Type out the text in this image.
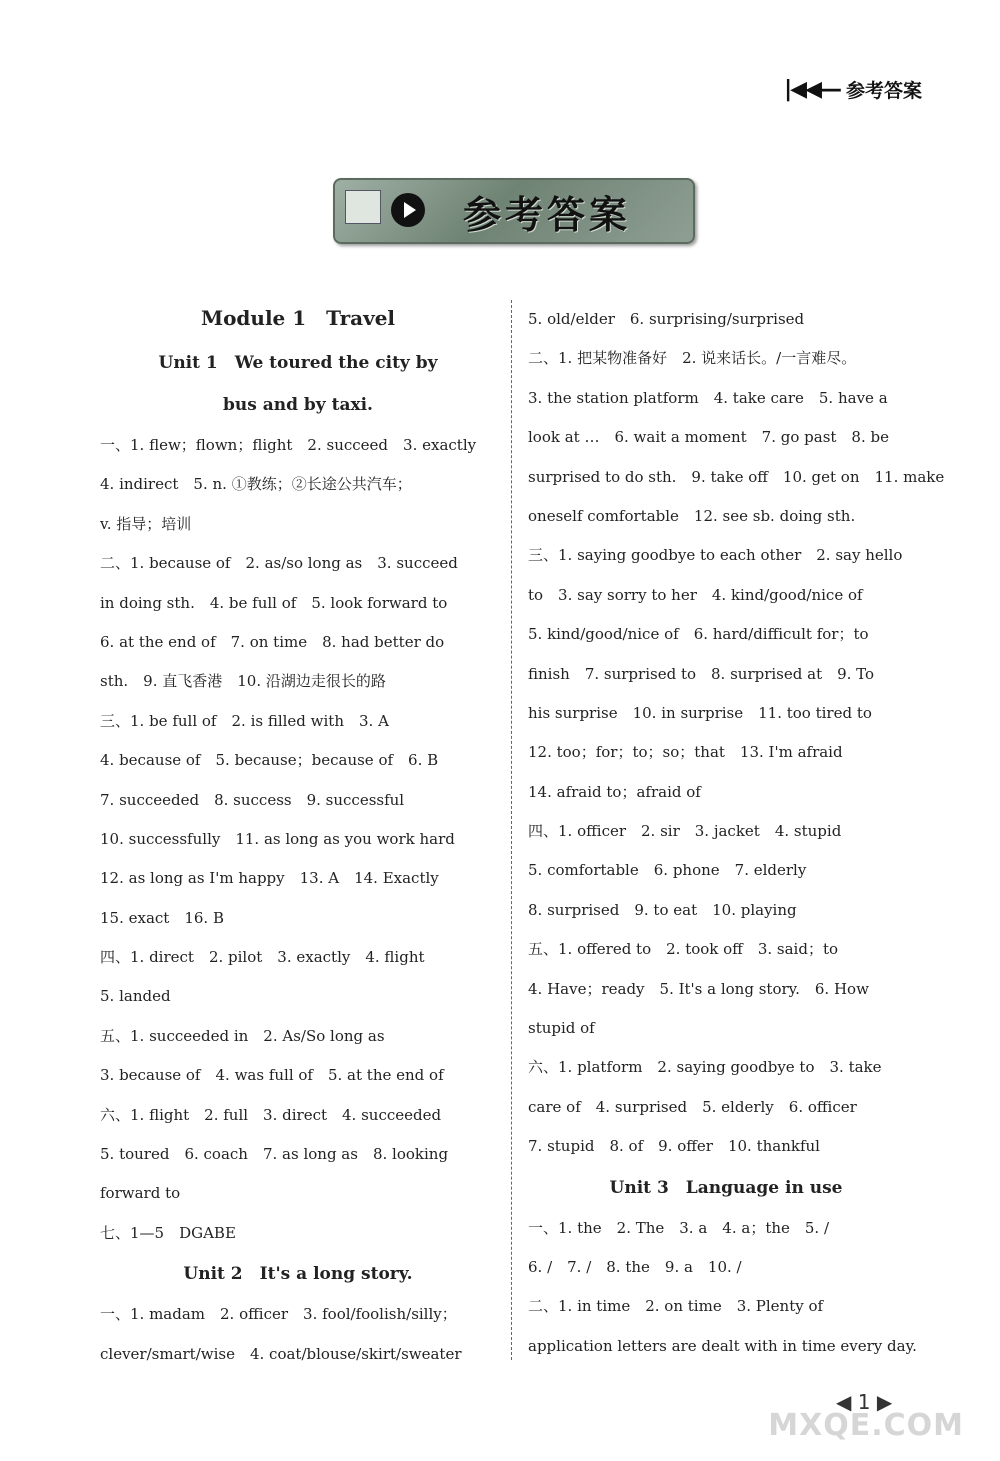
|◀◀— 参考答案
参考答案
Module 1　Travel
Unit 1　We toured the city by
bus and by taxi.
一、1. flew；flown；flight　2. succeed　3. exactly
4. indirect　5. n. ①教练；②长途公共汽车；
v. 指导；培训
二、1. because of　2. as/so long as　3. succeed
in doing sth.　4. be full of　5. look forward to
6. at the end of　7. on time　8. had better do
sth.　9. 直飞香港　10. 沿湖边走很长的路
三、1. be full of　2. is filled with　3. A
4. because of　5. because；because of　6. B
7. succeeded　8. success　9. successful
10. successfully　11. as long as you work hard
12. as long as I'm happy　13. A　14. Exactly
15. exact　16. B
四、1. direct　2. pilot　3. exactly　4. flight
5. landed
五、1. succeeded in　2. As/So long as
3. because of　4. was full of　5. at the end of
六、1. flight　2. full　3. direct　4. succeeded
5. toured　6. coach　7. as long as　8. looking
forward to
七、1—5　DGABE
Unit 2　It's a long story.
一、1. madam　2. officer　3. fool/foolish/silly；
clever/smart/wise　4. coat/blouse/skirt/sweater
5. old/elder　6. surprising/surprised
二、1. 把某物准备好　2. 说来话长。/一言难尽。
3. the station platform　4. take care　5. have a
look at …　6. wait a moment　7. go past　8. be
surprised to do sth.　9. take off　10. get on　11. make
oneself comfortable　12. see sb. doing sth.
三、1. saying goodbye to each other　2. say hello
to　3. say sorry to her　4. kind/good/nice of
5. kind/good/nice of　6. hard/difficult for；to
finish　7. surprised to　8. surprised at　9. To
his surprise　10. in surprise　11. too tired to
12. too；for；to；so；that　13. I'm afraid
14. afraid to；afraid of
四、1. officer　2. sir　3. jacket　4. stupid
5. comfortable　6. phone　7. elderly
8. surprised　9. to eat　10. playing
五、1. offered to　2. took off　3. said；to
4. Have；ready　5. It's a long story.　6. How
stupid of
六、1. platform　2. saying goodbye to　3. take
care of　4. surprised　5. elderly　6. officer
7. stupid　8. of　9. offer　10. thankful
Unit 3　Language in use
一、1. the　2. The　3. a　4. a；the　5. /
6. /　7. /　8. the　9. a　10. /
二、1. in time　2. on time　3. Plenty of
application letters are dealt with in time every day.
◀ 1 ▶
MXQE.COM
